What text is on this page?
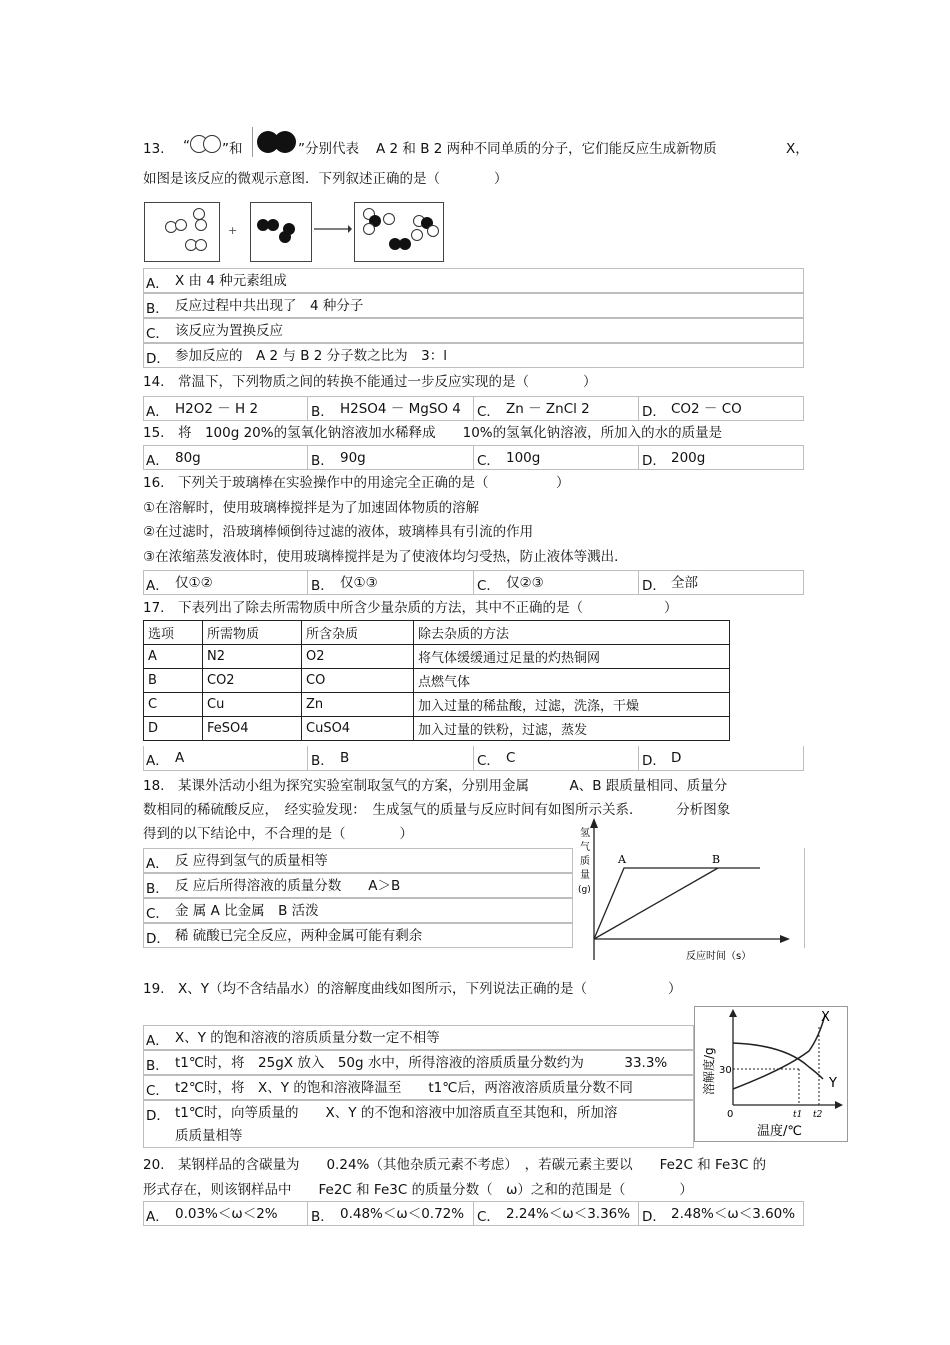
13. “ ”和	”分别代表 A 2 和 B 2 两种不同单质的分子，它们能反应生成新物质	X，
如图是该反应的微观示意图．下列叙述正确的是（　　　　）
+
A． X 由 4 种元素组成
B． 反应过程中共出现了　4 种分子
C． 该反应为置换反应
D． 参加反应的　A 2 与 B 2 分子数之比为　3：l
14.　常温下，下列物质之间的转换不能通过一步反应实现的是（　　　　）
A． H2O2 － H 2	B． H2SO4 － MgSO 4 C． Zn － ZnCl 2	D． CO2 － CO
15.　将　100g 20%的氢氧化钠溶液加水稀释成　　10%的氢氧化钠溶液，所加入的水的质量是
A． 80g	B． 90g	C． 100g	D． 200g
16.　下列关于玻璃棒在实验操作中的用途完全正确的是（　　　　　）
①在溶解时，使用玻璃棒搅拌是为了加速固体物质的溶解
②在过滤时，沿玻璃棒倾倒待过滤的液体，玻璃棒具有引流的作用
③在浓缩蒸发液体时，使用玻璃棒搅拌是为了使液体均匀受热，防止液体等溅出．
A． 仅①②	B． 仅①③	C． 仅②③	D． 全部
17.　下表列出了除去所需物质中所含少量杂质的方法，其中不正确的是（　　　　　　）
选项	所需物质	所含杂质	除去杂质的方法
A	N2	O2	将气体缓缓通过足量的灼热铜网
B	CO2	CO	点燃气体
C	Cu	Zn	加入过量的稀盐酸，过滤，洗涤，干燥
D	FeSO4	CuSO4	加入过量的铁粉，过滤，蒸发
A． A	B． B	C． C	D． D
18.　某课外活动小组为探究实验室制取氢气的方案，分别用金属　　　A、B 跟质量相同、质量分
数相同的稀硫酸反应，　经实验发现：　生成氢气的质量与反应时间有如图所示关系．　　　分析图象
得到的以下结论中，不合理的是（　　　　）
A． 反 应得到氢气的质量相等
B． 反 应后所得溶液的质量分数　　A＞B
C． 金 属 A 比金属　B 活泼
D． 稀 硫酸已完全反应，两种金属可能有剩余
氢
气
质
量
(g)
A	B
反应时间（s）
19.　X、Y（均不含结晶水）的溶解度曲线如图所示，下列说法正确的是（　　　　　　）
A． X、Y 的饱和溶液的溶质质量分数一定不相等
B． t1℃时，将　25gX 放入　50g 水中，所得溶液的溶质质量分数约为　　　33.3%
C． t2℃时，将　X、Y 的饱和溶液降温至　　t1℃后，两溶液溶质质量分数不同
D． t1℃时，向等质量的　　X、Y 的不饱和溶液中加溶质直至其饱和，所加溶
质质量相等
X
Y
30
0	t1 t2
温度/℃
溶解度/g
20.　某钢样品的含碳量为　　0.24%（其他杂质元素不考虑）　，若碳元素主要以　　Fe2C 和 Fe3C 的
形式存在，则该钢样品中　　Fe2C 和 Fe3C 的质量分数（　ω）之和的范围是（　　　　）
A． 0.03%＜ω＜2% B． 0.48%＜ω＜0.72% C． 2.24%＜ω＜3.36% D． 2.48%＜ω＜3.60%
